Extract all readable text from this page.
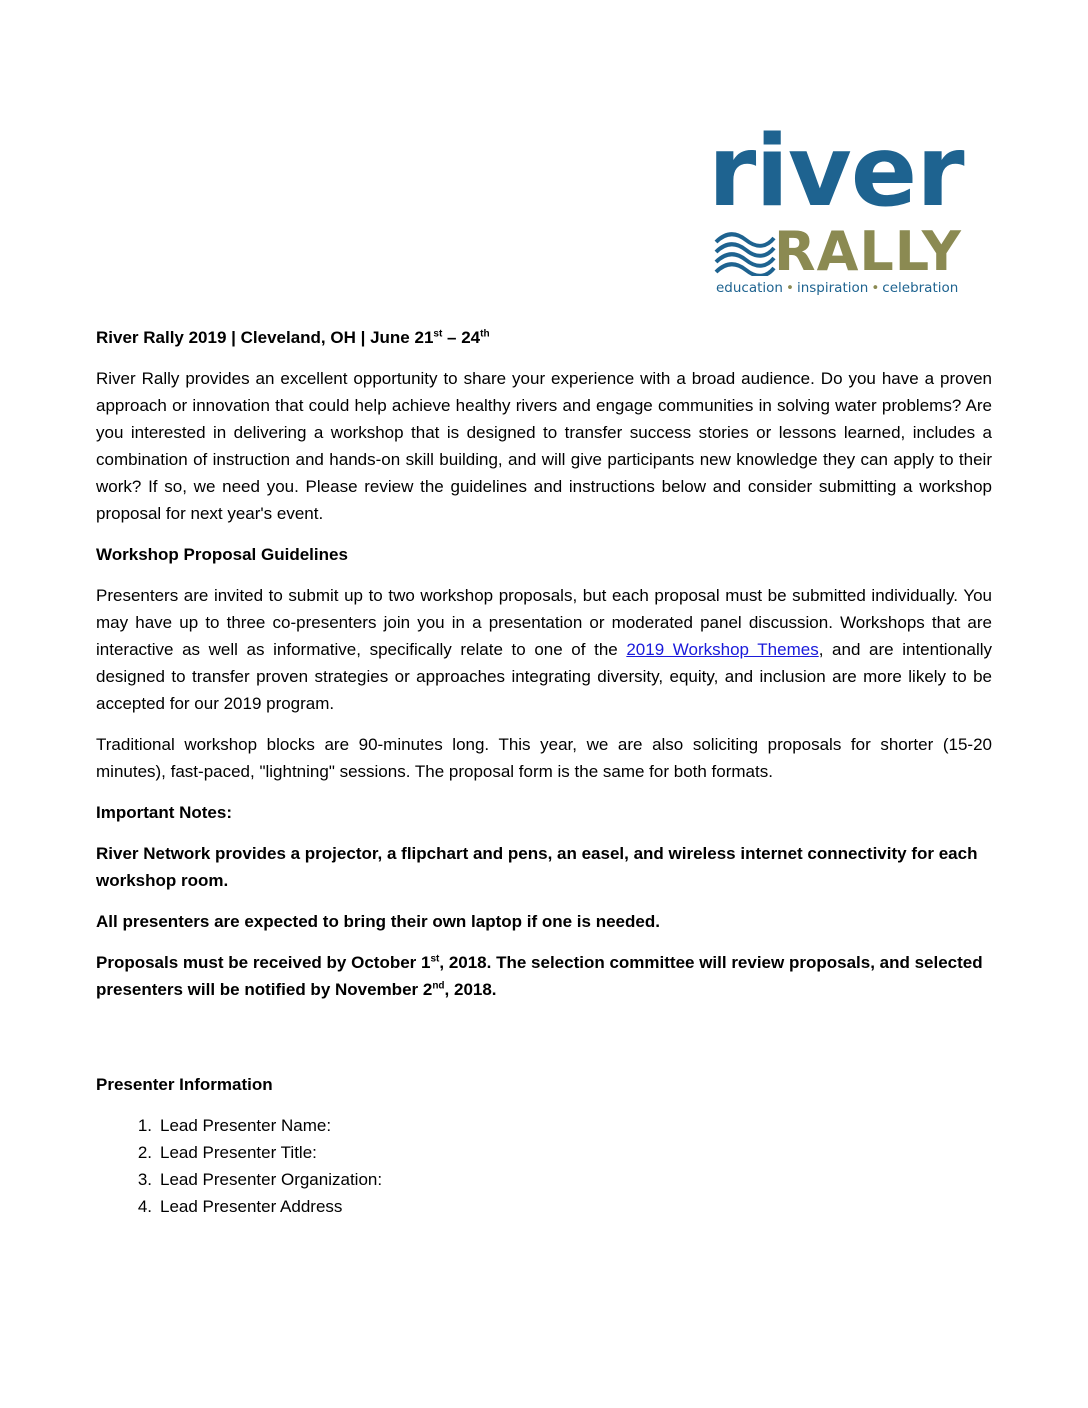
river
RALLY
education • inspiration • celebration

River Rally 2019 | Cleveland, OH | June 21st – 24th

River Rally provides an excellent opportunity to share your experience with a broad audience. Do you have a proven approach or innovation that could help achieve healthy rivers and engage communities in solving water problems? Are you interested in delivering a workshop that is designed to transfer success stories or lessons learned, includes a combination of instruction and hands-on skill building, and will give participants new knowledge they can apply to their work? If so, we need you. Please review the guidelines and instructions below and consider submitting a workshop proposal for next year's event.

Workshop Proposal Guidelines

Presenters are invited to submit up to two workshop proposals, but each proposal must be submitted individually. You may have up to three co-presenters join you in a presentation or moderated panel discussion. Workshops that are interactive as well as informative, specifically relate to one of the 2019 Workshop Themes, and are intentionally designed to transfer proven strategies or approaches integrating diversity, equity, and inclusion are more likely to be accepted for our 2019 program.

Traditional workshop blocks are 90-minutes long. This year, we are also soliciting proposals for shorter (15-20 minutes), fast-paced, "lightning" sessions. The proposal form is the same for both formats.

Important Notes:

River Network provides a projector, a flipchart and pens, an easel, and wireless internet connectivity for each workshop room.

All presenters are expected to bring their own laptop if one is needed.

Proposals must be received by October 1st, 2018. The selection committee will review proposals, and selected presenters will be notified by November 2nd, 2018.

Presenter Information

1. Lead Presenter Name:
2. Lead Presenter Title:
3. Lead Presenter Organization:
4. Lead Presenter Address
